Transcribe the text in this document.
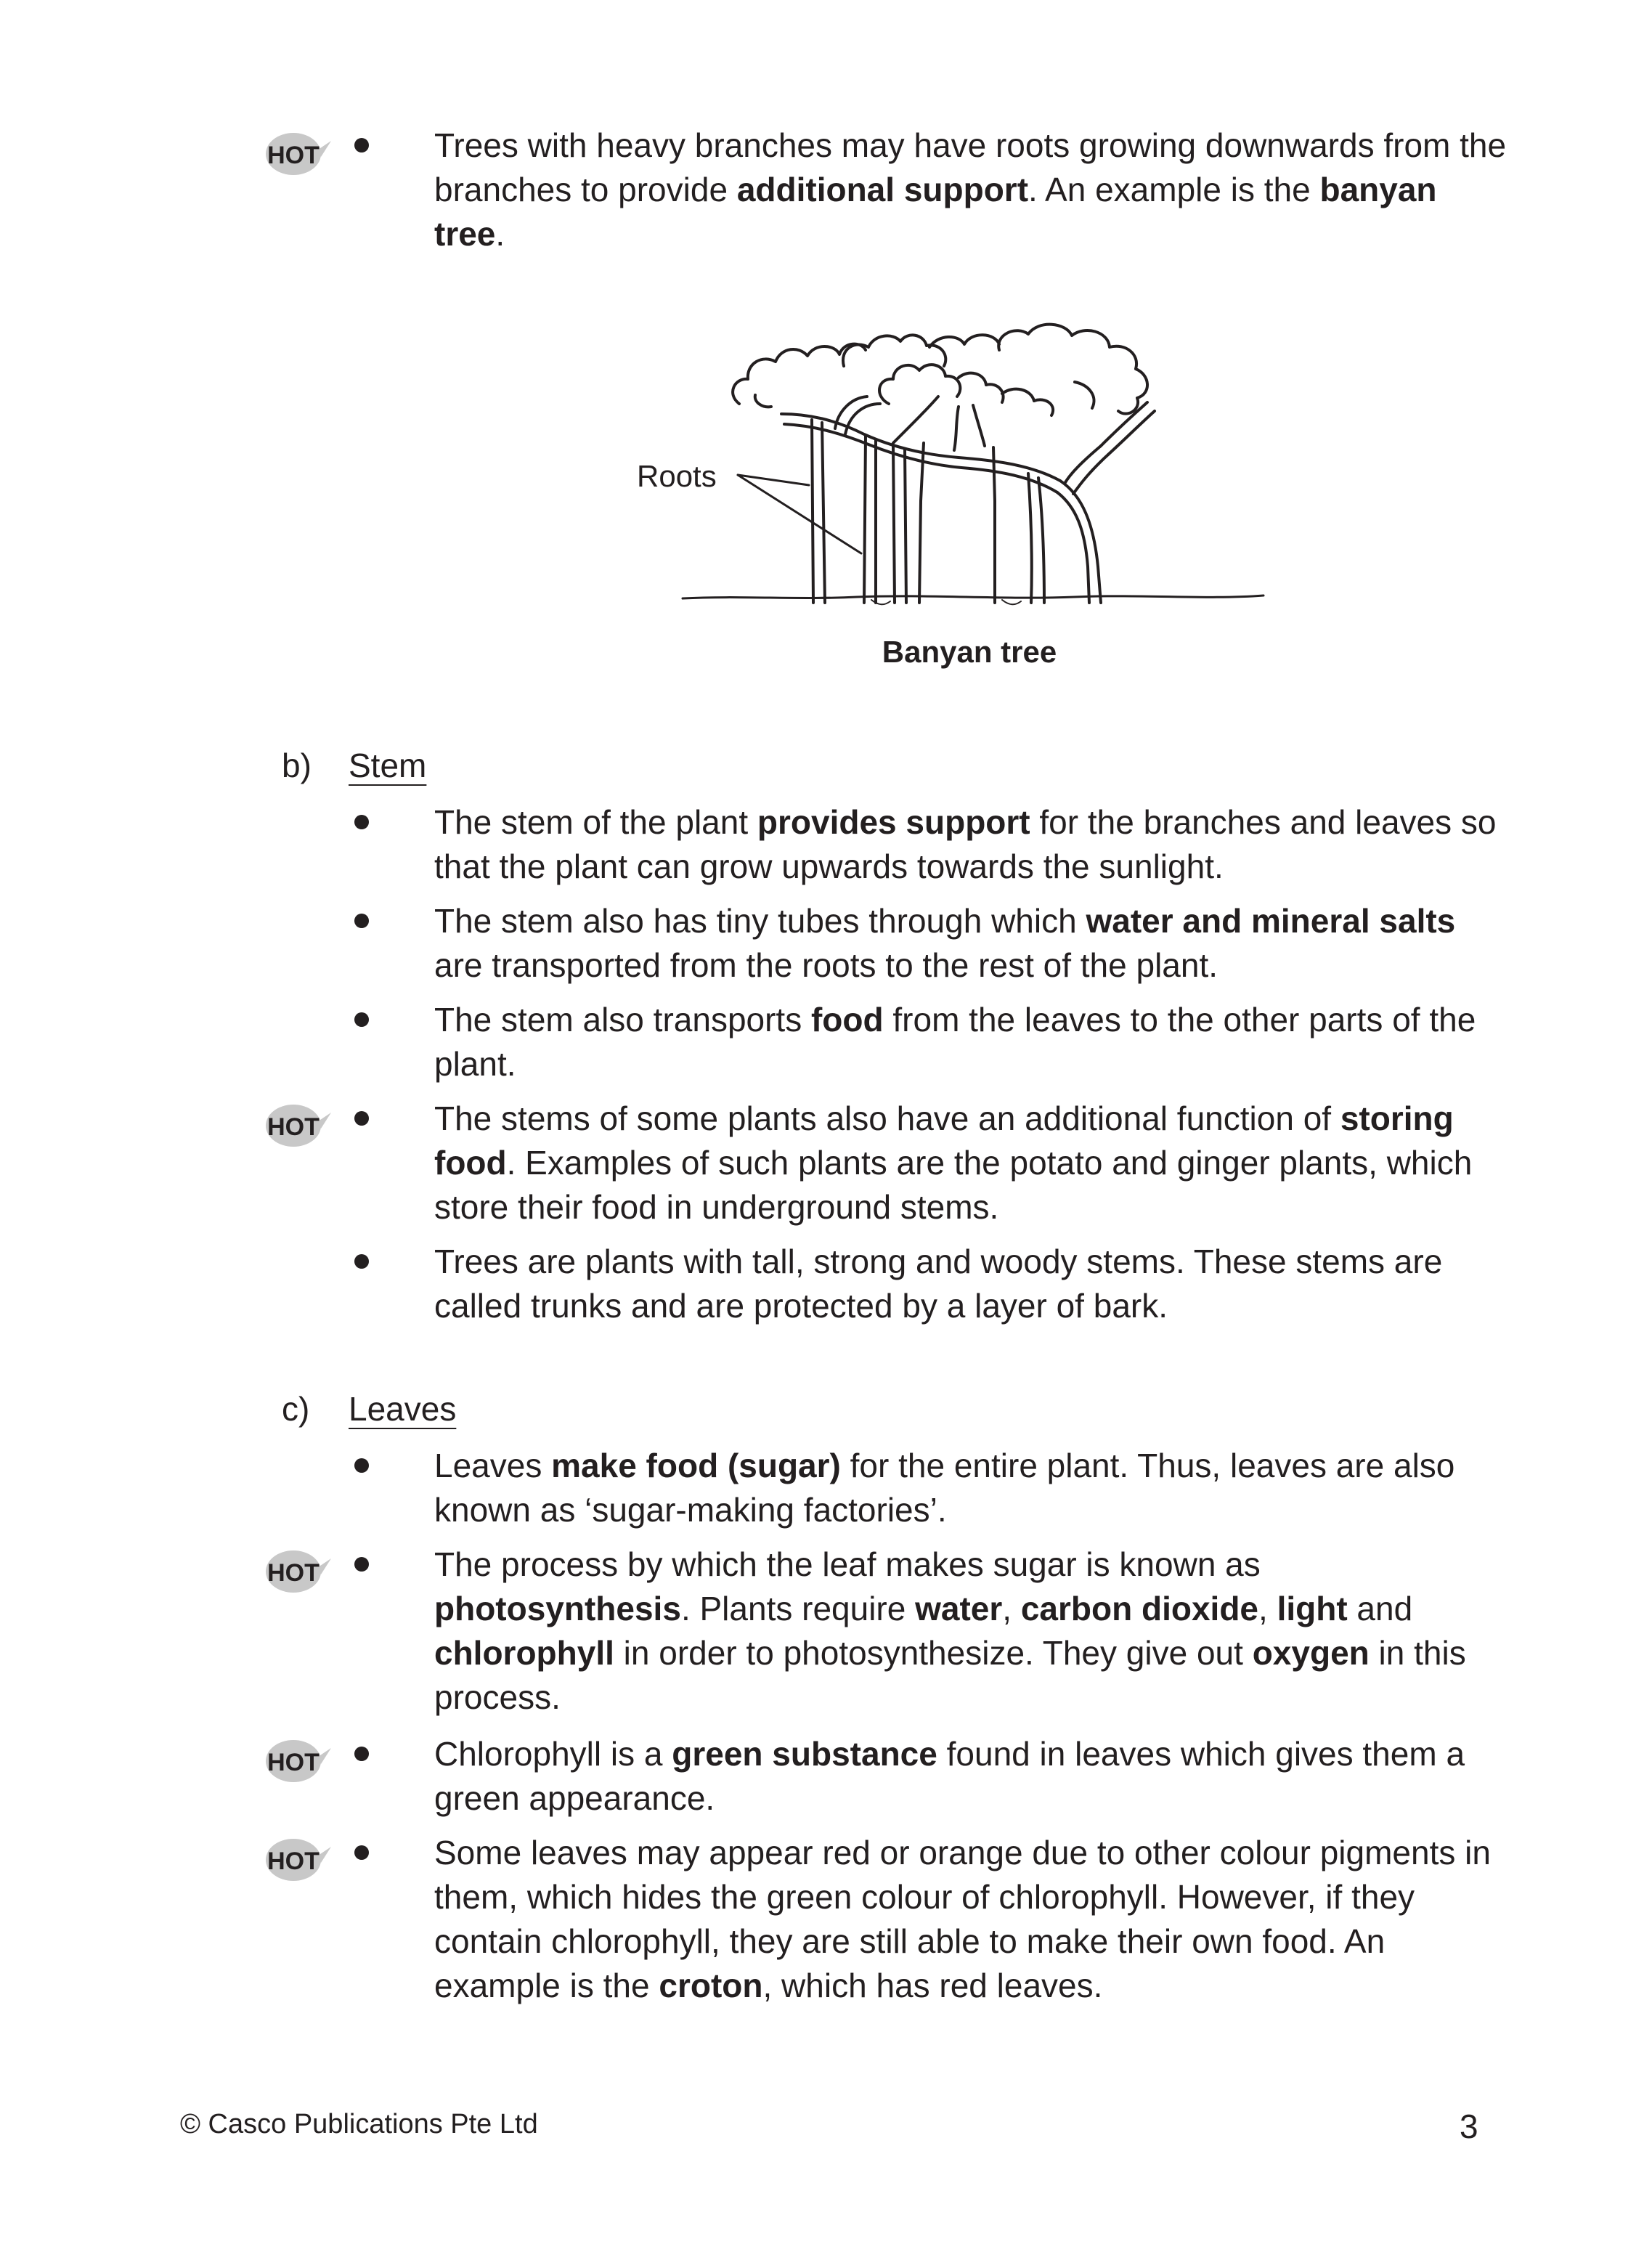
HOT	Trees with heavy branches may have roots growing downwards from the branches to provide additional support. An example is the banyan tree.

Roots
Banyan tree
b) Stem

The stem of the plant provides support for the branches and leaves so that the plant can grow upwards towards the sunlight.

The stem also has tiny tubes through which water and mineral salts are transported from the roots to the rest of the plant.

The stem also transports food from the leaves to the other parts of the plant.

HOT	The stems of some plants also have an additional function of storing food. Examples of such plants are the potato and ginger plants, which store their food in underground stems.

Trees are plants with tall, strong and woody stems. These stems are called trunks and are protected by a layer of bark.

c) Leaves

Leaves make food (sugar) for the entire plant. Thus, leaves are also known as ‘sugar-making factories’.

HOT	The process by which the leaf makes sugar is known as photosynthesis. Plants require water, carbon dioxide, light and chlorophyll in order to photosynthesize. They give out oxygen in this process.

HOT	Chlorophyll is a green substance found in leaves which gives them a green appearance.

HOT	Some leaves may appear red or orange due to other colour pigments in them, which hides the green colour of chlorophyll. However, if they contain chlorophyll, they are still able to make their own food. An example is the croton, which has red leaves.

© Casco Publications Pte Ltd	3
